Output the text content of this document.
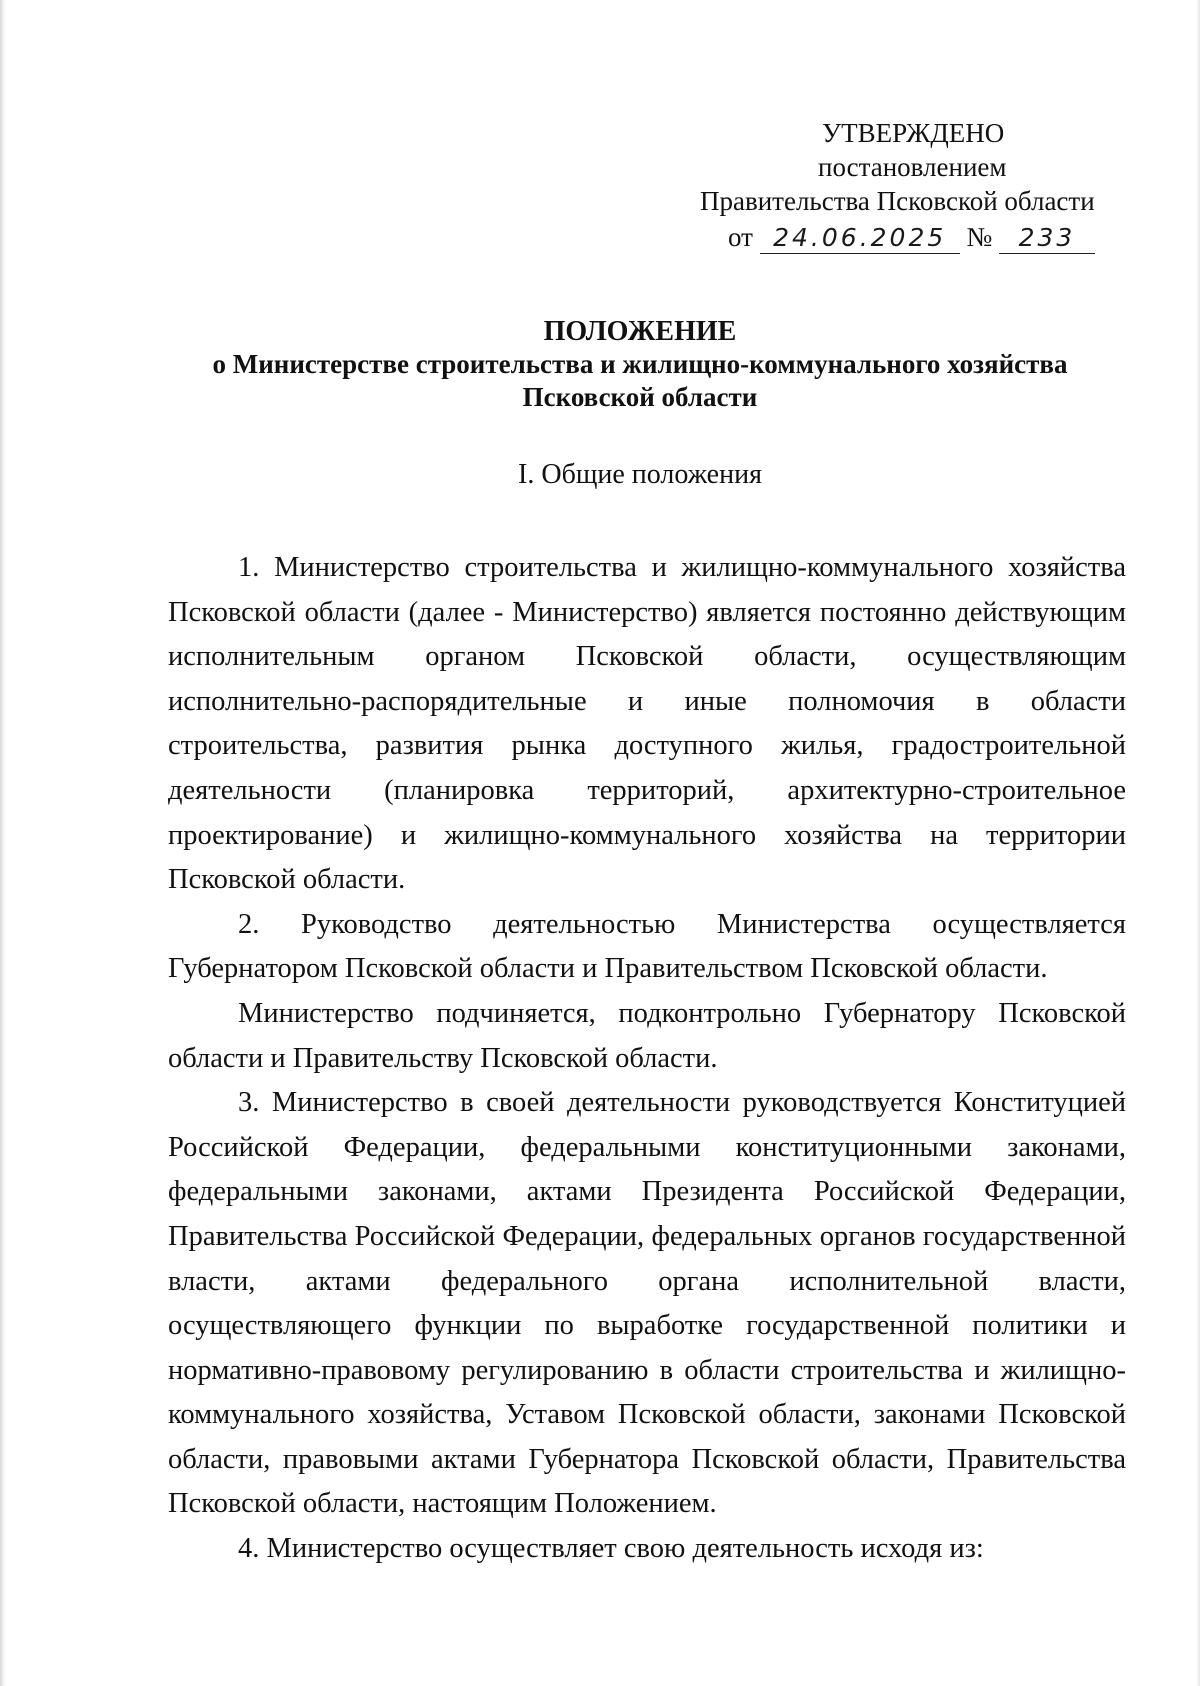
УТВЕРЖДЕНО
постановлением
Правительства Псковской области
от 24.06.2025 № 233
ПОЛОЖЕНИЕ
о Министерстве строительства и жилищно-коммунального хозяйства
Псковской области
I. Общие положения

1. Министерство строительства и жилищно-коммунального хозяйства Псковской области (далее - Министерство) является постоянно действующим исполнительным органом Псковской области, осуществляющим исполнительно-распорядительные и иные полномочия в области строительства, развития рынка доступного жилья, градостроительной деятельности (планировка территорий, архитектурно-строительное проектирование) и жилищно-коммунального хозяйства на территории Псковской области.

2. Руководство деятельностью Министерства осуществляется Губернатором Псковской области и Правительством Псковской области.

Министерство подчиняется, подконтрольно Губернатору Псковской области и Правительству Псковской области.

3. Министерство в своей деятельности руководствуется Конституцией Российской Федерации, федеральными конституционными законами, федеральными законами, актами Президента Российской Федерации, Правительства Российской Федерации, федеральных органов государственной власти, актами федерального органа исполнительной власти, осуществляющего функции по выработке государственной политики и нормативно-правовому регулированию в области строительства и жилищно-коммунального хозяйства, Уставом Псковской области, законами Псковской области, правовыми актами Губернатора Псковской области, Правительства Псковской области, настоящим Положением.

4. Министерство осуществляет свою деятельность исходя из:
